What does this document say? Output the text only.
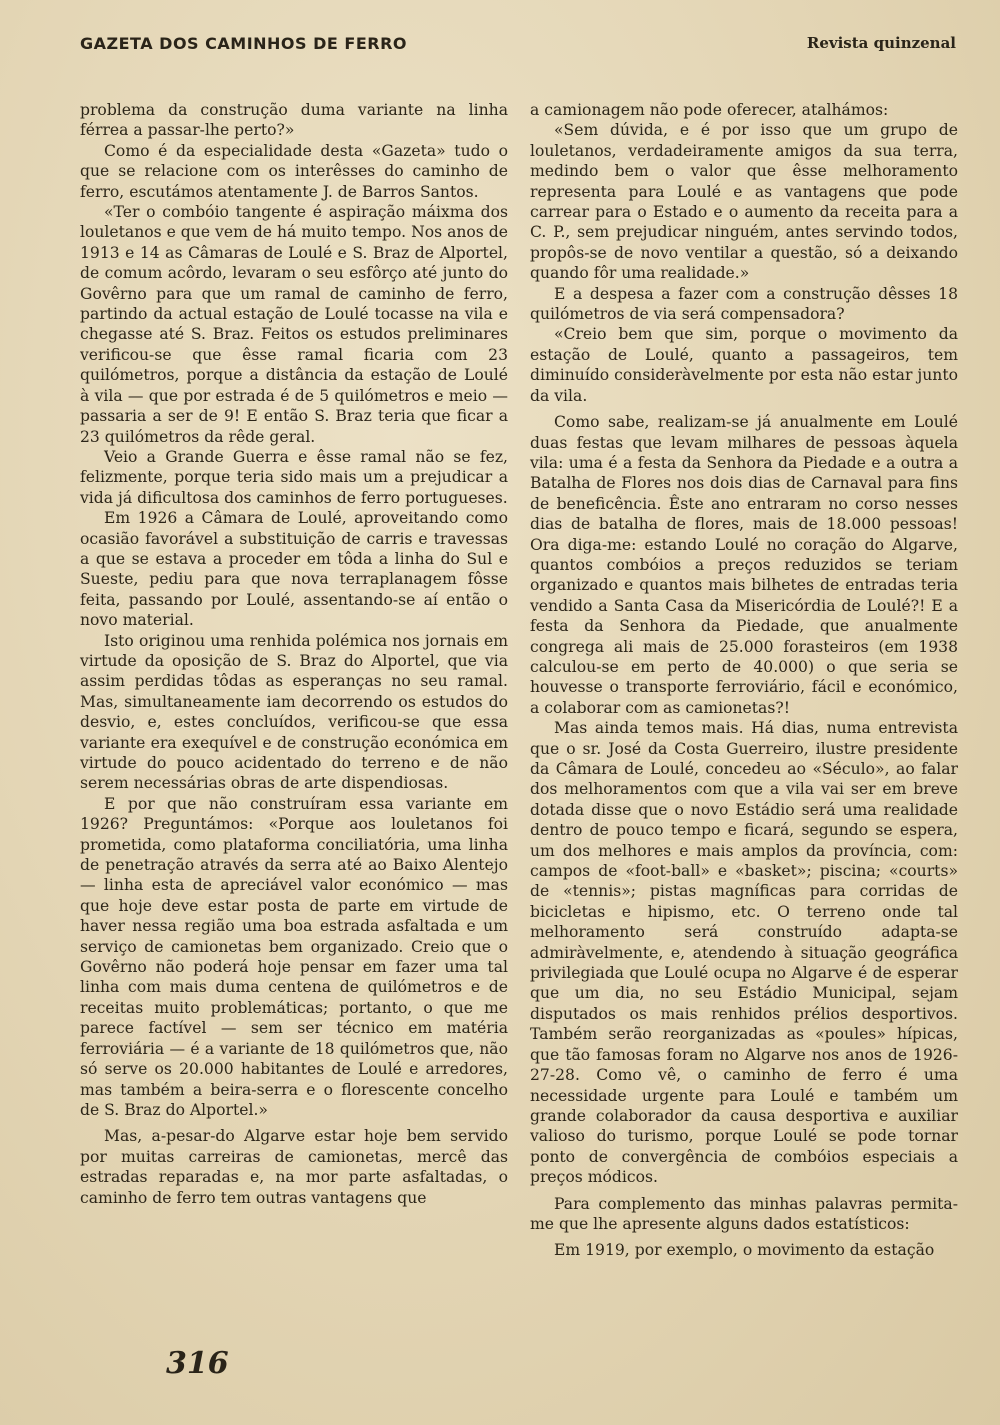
GAZETA DOS CAMINHOS DE FERRO	Revista quinzenal

problema da construção duma variante na linha férrea a passar-lhe perto?»

Como é da especialidade desta «Gazeta» tudo o que se relacione com os interêsses do caminho de ferro, escutámos atentamente J. de Barros Santos.

«Ter o combóio tangente é aspiração máixma dos louletanos e que vem de há muito tempo. Nos anos de 1913 e 14 as Câmaras de Loulé e S. Braz de Alportel, de comum acôrdo, levaram o seu esfôrço até junto do Govêrno para que um ramal de caminho de ferro, partindo da actual estação de Loulé tocasse na vila e chegasse até S. Braz. Feitos os estudos preliminares verificou-se que êsse ramal ficaria com 23 quilómetros, porque a distância da estação de Loulé à vila — que por estrada é de 5 quilómetros e meio — passaria a ser de 9! E então S. Braz teria que ficar a 23 quilómetros da rêde geral.

Veio a Grande Guerra e êsse ramal não se fez, felizmente, porque teria sido mais um a prejudicar a vida já dificultosa dos caminhos de ferro portugueses.

Em 1926 a Câmara de Loulé, aproveitando como ocasião favorável a substituição de carris e travessas a que se estava a proceder em tôda a linha do Sul e Sueste, pediu para que nova terraplanagem fôsse feita, passando por Loulé, assentando-se aí então o novo material.

Isto originou uma renhida polémica nos jornais em virtude da oposição de S. Braz do Alportel, que via assim perdidas tôdas as esperanças no seu ramal. Mas, simultaneamente iam decorrendo os estudos do desvio, e, estes concluídos, verificou-se que essa variante era exequível e de construção económica em virtude do pouco acidentado do terreno e de não serem necessárias obras de arte dispendiosas.

E por que não construíram essa variante em 1926? Preguntámos: «Porque aos louletanos foi prometida, como plataforma conciliatória, uma linha de penetração através da serra até ao Baixo Alentejo — linha esta de apreciável valor económico — mas que hoje deve estar posta de parte em virtude de haver nessa região uma boa estrada asfaltada e um serviço de camionetas bem organizado. Creio que o Govêrno não poderá hoje pensar em fazer uma tal linha com mais duma centena de quilómetros e de receitas muito problemáticas; portanto, o que me parece factível — sem ser técnico em matéria ferroviária — é a variante de 18 quilómetros que, não só serve os 20.000 habitantes de Loulé e arredores, mas também a beira-serra e o florescente concelho de S. Braz do Alportel.»

Mas, a-pesar-do Algarve estar hoje bem servido por muitas carreiras de camionetas, mercê das estradas reparadas e, na mor parte asfaltadas, o caminho de ferro tem outras vantagens que

a camionagem não pode oferecer, atalhámos:

«Sem dúvida, e é por isso que um grupo de louletanos, verdadeiramente amigos da sua terra, medindo bem o valor que êsse melhoramento representa para Loulé e as vantagens que pode carrear para o Estado e o aumento da receita para a C. P., sem prejudicar ninguém, antes servindo todos, propôs-se de novo ventilar a questão, só a deixando quando fôr uma realidade.»

E a despesa a fazer com a construção dêsses 18 quilómetros de via será compensadora?

«Creio bem que sim, porque o movimento da estação de Loulé, quanto a passageiros, tem diminuído consideràvelmente por esta não estar junto da vila.

Como sabe, realizam-se já anualmente em Loulé duas festas que levam milhares de pessoas àquela vila: uma é a festa da Senhora da Piedade e a outra a Batalha de Flores nos dois dias de Carnaval para fins de beneficência. Êste ano entraram no corso nesses dias de batalha de flores, mais de 18.000 pessoas! Ora diga-me: estando Loulé no coração do Algarve, quantos combóios a preços reduzidos se teriam organizado e quantos mais bilhetes de entradas teria vendido a Santa Casa da Misericórdia de Loulé?! E a festa da Senhora da Piedade, que anualmente congrega ali mais de 25.000 forasteiros (em 1938 calculou-se em perto de 40.000) o que seria se houvesse o transporte ferroviário, fácil e económico, a colaborar com as camionetas?!

Mas ainda temos mais. Há dias, numa entrevista que o sr. José da Costa Guerreiro, ilustre presidente da Câmara de Loulé, concedeu ao «Século», ao falar dos melhoramentos com que a vila vai ser em breve dotada disse que o novo Estádio será uma realidade dentro de pouco tempo e ficará, segundo se espera, um dos melhores e mais amplos da província, com: campos de «foot-ball» e «basket»; piscina; «courts» de «tennis»; pistas magníficas para corridas de bicicletas e hipismo, etc. O terreno onde tal melhoramento será construído adapta-se admiràvelmente, e, atendendo à situação geográfica privilegiada que Loulé ocupa no Algarve é de esperar que um dia, no seu Estádio Municipal, sejam disputados os mais renhidos prélios desportivos. Também serão reorganizadas as «poules» hípicas, que tão famosas foram no Algarve nos anos de 1926-27-28. Como vê, o caminho de ferro é uma necessidade urgente para Loulé e também um grande colaborador da causa desportiva e auxiliar valioso do turismo, porque Loulé se pode tornar ponto de convergência de combóios especiais a preços módicos.

Para complemento das minhas palavras permita-me que lhe apresente alguns dados estatísticos:

Em 1919, por exemplo, o movimento da estação

316
